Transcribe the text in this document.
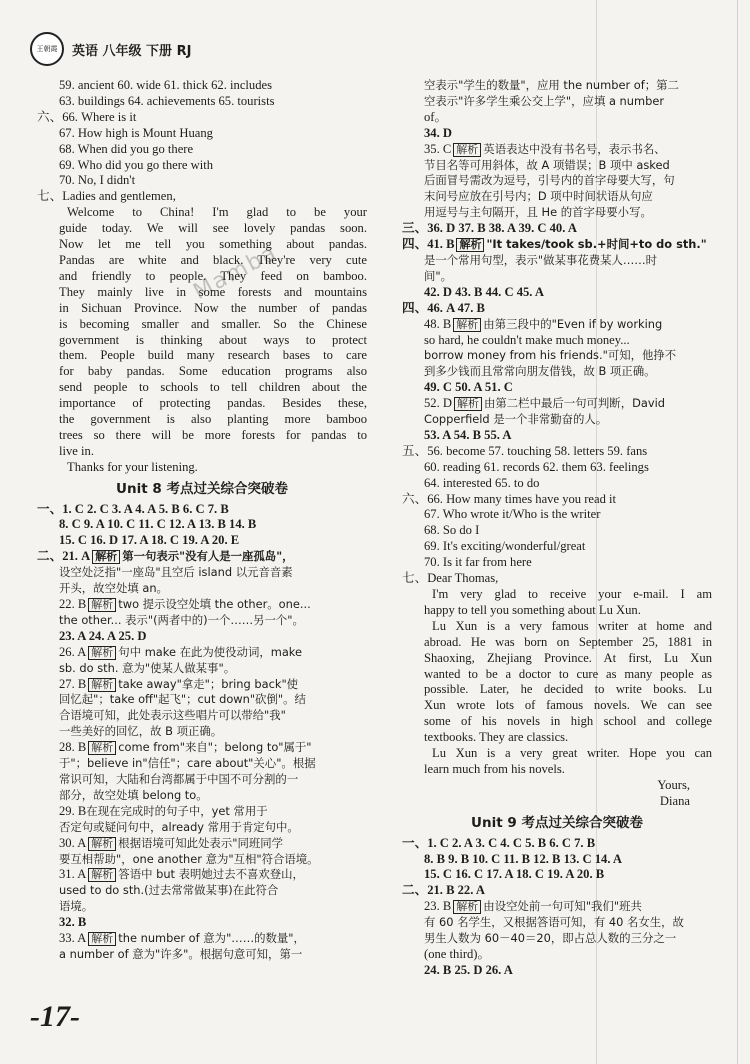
王朝霞 英语 八年级 下册 RJ
Mamba
59. ancient 60. wide 61. thick 62. includes
63. buildings 64. achievements 65. tourists
六、66. Where is it
67. How high is Mount Huang
68. When did you go there
69. Who did you go there with
70. No, I didn't
七、Ladies and gentlemen,
Welcome to China! I'm glad to be your
guide today. We will see lovely pandas soon.
Now let me tell you something about pandas.
Pandas are white and black. They're very cute
and friendly to people. They feed on bamboo.
They mainly live in some forests and mountains
in Sichuan Province. Now the number of pandas
is becoming smaller and smaller. So the Chinese
government is thinking about ways to protect
them. People build many research bases to care
for baby pandas. Some education programs also
send people to schools to tell children about the
importance of protecting pandas. Besides these,
the government is also planting more bamboo
trees so there will be more forests for pandas to
live in.
Thanks for your listening.
Unit 8 考点过关综合突破卷
一、1. C 2. C 3. A 4. A 5. B 6. C 7. B
8. C 9. A 10. C 11. C 12. A 13. B 14. B
15. C 16. D 17. A 18. C 19. A 20. E
二、21. A 解析 第一句表示"没有人是一座孤岛"，
设空处泛指"一座岛"且空后 island 以元音音素
开头，故空处填 an。
22. B 解析 two 提示设空处填 the other。one...
the other... 表示"(两者中的)一个……另一个"。
23. A 24. A 25. D
26. A 解析 句中 make 在此为使役动词，make
sb. do sth. 意为"使某人做某事"。
27. B 解析 take away"拿走"；bring back"使
回忆起"；take off"起飞"；cut down"砍倒"。结
合语境可知，此处表示这些唱片可以带给"我"
一些美好的回忆，故 B 项正确。
28. B 解析 come from"来自"；belong to"属于"
于"；believe in"信任"；care about"关心"。根据
常识可知，大陆和台湾都属于中国不可分割的一
部分，故空处填 belong to。
29. B在现在完成时的句子中，yet 常用于
否定句或疑问句中，already 常用于肯定句中。
30. A 解析 根据语境可知此处表示"同班同学
要互相帮助"，one another 意为"互相"符合语境。
31. A 解析 答语中 but 表明她过去不喜欢登山，
used to do sth.(过去常常做某事)在此符合
语境。
32. B
33. A 解析 the number of 意为"……的数量"，
a number of 意为"许多"。根据句意可知，第一
空表示"学生的数量"，应用 the number of；第二
空表示"许多学生乘公交上学"，应填 a number
of。
34. D
35. C 解析 英语表达中没有书名号，表示书名、
节目名等可用斜体，故 A 项错误；B 项中 asked
后面冒号需改为逗号，引号内的首字母要大写，句
末问号应放在引号内；D 项中时间状语从句应
用逗号与主句隔开，且 He 的首字母要小写。
三、36. D 37. B 38. A 39. C 40. A
四、41. B 解析 "It takes/took sb.+时间+to do sth."
是一个常用句型，表示"做某事花费某人……时
间"。
42. D 43. B 44. C 45. A
四、46. A 47. B
48. B 解析 由第三段中的"Even if by working
so hard, he couldn't make much money...
borrow money from his friends."可知，他挣不
到多少钱而且常常向朋友借钱，故 B 项正确。
49. C 50. A 51. C
52. D 解析 由第二栏中最后一句可判断，David
Copperfield 是一个非常勤奋的人。
53. A 54. B 55. A
五、56. become 57. touching 58. letters 59. fans
60. reading 61. records 62. them 63. feelings
64. interested 65. to do
六、66. How many times have you read it
67. Who wrote it/Who is the writer
68. So do I
69. It's exciting/wonderful/great
70. Is it far from here
七、Dear Thomas,
I'm very glad to receive your e-mail. I am
happy to tell you something about Lu Xun.
Lu Xun is a very famous writer at home and
abroad. He was born on September 25, 1881 in
Shaoxing, Zhejiang Province. At first, Lu Xun
wanted to be a doctor to cure as many people as
possible. Later, he decided to write books. Lu
Xun wrote lots of famous novels. We can see
some of his novels in high school and college
textbooks. They are classics.
Lu Xun is a very great writer. Hope you can
learn much from his novels.
Yours,
Diana
Unit 9 考点过关综合突破卷
一、1. C 2. A 3. C 4. C 5. B 6. C 7. B
8. B 9. B 10. C 11. B 12. B 13. C 14. A
15. C 16. C 17. A 18. C 19. A 20. B
二、21. B 22. A
23. B 解析 由设空处前一句可知"我们"班共
有 60 名学生，又根据答语可知，有 40 名女生，故
男生人数为 60－40＝20，即占总人数的三分之一
(one third)。
24. B 25. D 26. A
-17-
